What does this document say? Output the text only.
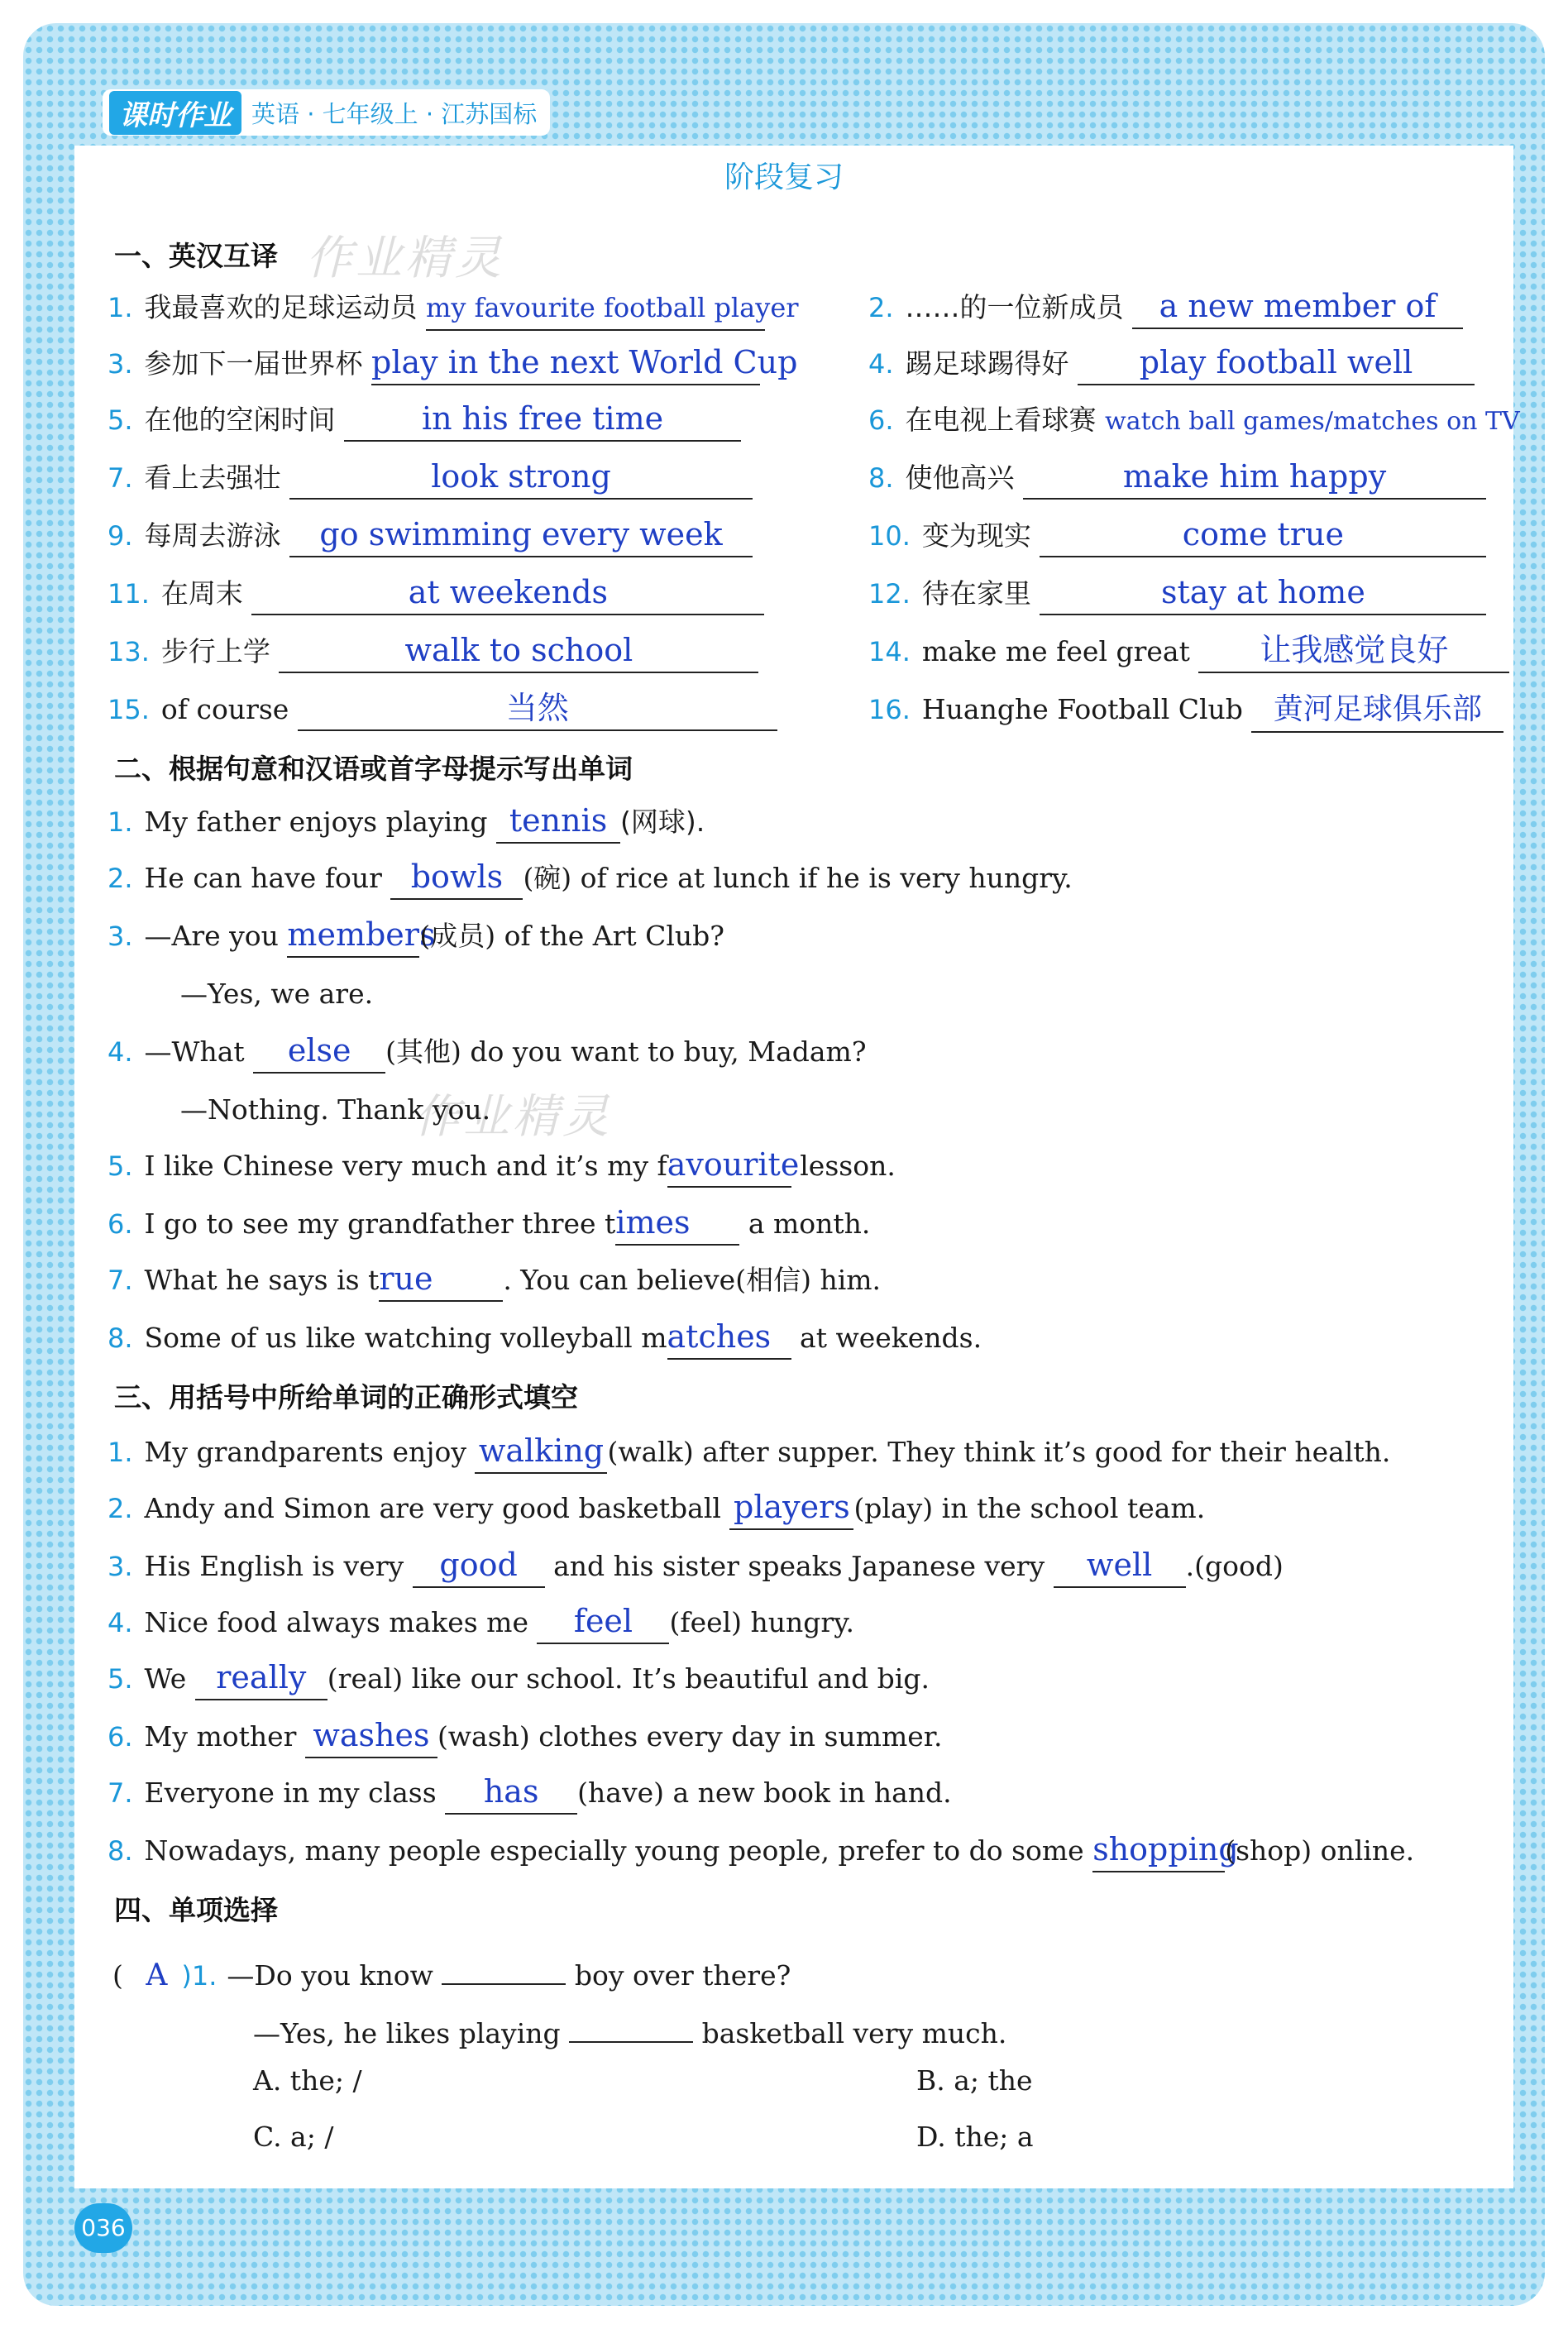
课时作业 英语 · 七年级上 · 江苏国标
阶段复习
作业精灵
作业精灵
一、英汉互译
1. 我最喜欢的足球运动员 my favourite football player	2. ……的一位新成员 a new member of
3. 参加下一届世界杯 play in the next World Cup	4. 踢足球踢得好 play football well
5. 在他的空闲时间	in his free time	6. 在电视上看球赛 watch ball games/matches on TV
7. 看上去强壮	look strong	8. 使他高兴	make him happy
9. 每周去游泳 go swimming every week	10. 变为现实	come true
11. 在周末	at weekends	12. 待在家里	stay at home
13. 步行上学	walk to school	14. make me feel great 让我感觉良好
15. of course	当然	16. Huanghe Football Club 黄河足球俱乐部
二、根据句意和汉语或首字母提示写出单词
1. My father enjoys playing tennis (网球).
2. He can have four bowls (碗) of rice at lunch if he is very hungry.
3. —Are you members(成员) of the Art Club?
—Yes, we are.
4. —What else (其他) do you want to buy, Madam?
—Nothing. Thank you.
5. I like Chinese very much and it’s my favourite lesson.
6. I go to see my grandfather three times a month.
7. What he says is true	. You can believe(相信) him.
8. Some of us like watching volleyball matches at weekends.
三、用括号中所给单词的正确形式填空
1. My grandparents enjoy walking (walk) after supper. They think it’s good for their health.
2. Andy and Simon are very good basketball players (play) in the school team.
3. His English is very good and his sister speaks Japanese very well .(good)
4. Nice food always makes me feel (feel) hungry.
5. We really (real) like our school. It’s beautiful and big.
6. My mother washes (wash) clothes every day in summer.
7. Everyone in my class has (have) a new book in hand.
8. Nowadays, many people especially young people, prefer to do some shopping(shop) online.
四、单项选择
( A )1. —Do you know	boy over there?
—Yes, he likes playing	basketball very much.
A. the; /	B. a; the
C. a; /	D. the; a
036
